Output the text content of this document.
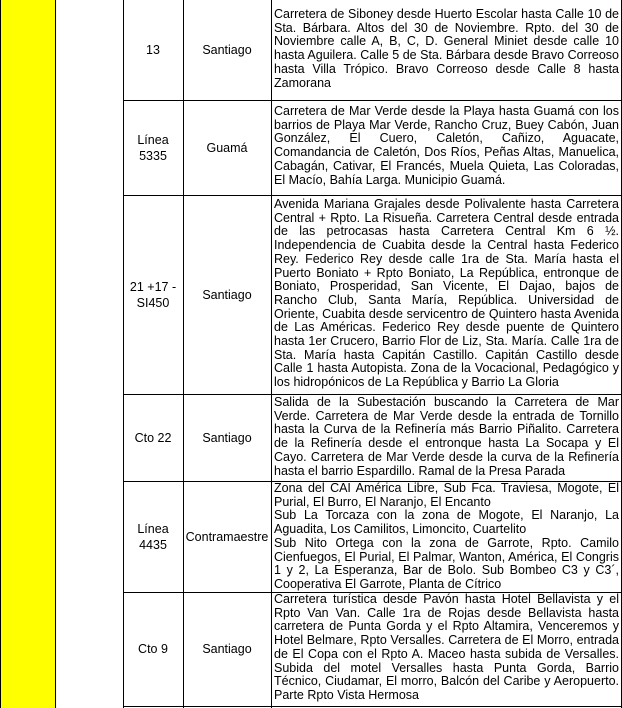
13	Santiago
Carretera de Siboney desde Huerto Escolar hasta Calle 10 de Sta. Bárbara. Altos del 30 de Noviembre. Rpto. del 30 de Noviembre calle A, B, C, D. General Miniet desde calle 10 hasta Aguilera. Calle 5 de Sta. Bárbara desde Bravo Correoso hasta Villa Trópico. Bravo Correoso desde Calle 8 hasta Zamorana
Línea 5335
Guamá
Carretera de Mar Verde desde la Playa hasta Guamá con los barrios de Playa Mar Verde, Rancho Cruz, Buey Cabón, Juan González, El Cuero, Caletón, Cañizo, Aguacate, Comandancia de Caletón, Dos Ríos, Peñas Altas, Manuelica, Cabagán, Cativar, El Francés, Muela Quieta, Las Coloradas, El Macío, Bahía Larga. Municipio Guamá.
21 +17 - SI450
Santiago
Avenida Mariana Grajales desde Polivalente hasta Carretera Central + Rpto. La Risueña. Carretera Central desde entrada de las petrocasas hasta Carretera Central Km 6 ½. Independencia de Cuabita desde la Central hasta Federico Rey. Federico Rey desde calle 1ra de Sta. María hasta el Puerto Boniato + Rpto Boniato, La República, entronque de Boniato, Prosperidad, San Vicente, El Dajao, bajos de Rancho Club, Santa María, República. Universidad de Oriente, Cuabita desde servicentro de Quintero hasta Avenida de Las Américas. Federico Rey desde puente de Quintero hasta 1er Crucero, Barrio Flor de Liz, Sta. María. Calle 1ra de Sta. María hasta Capitán Castillo. Capitán Castillo desde Calle 1 hasta Autopista. Zona de la Vocacional, Pedagógico y los hidropónicos de La República y Barrio La Gloria
Cto 22 Santiago
Salida de la Subestación buscando la Carretera de Mar Verde. Carretera de Mar Verde desde la entrada de Tornillo hasta la Curva de la Refinería más Barrio Piñalito. Carretera de la Refinería desde el entronque hasta La Socapa y El Cayo. Carretera de Mar Verde desde la curva de la Refinería hasta el barrio Espardillo. Ramal de la Presa Parada
Línea 4435
Contramaestre
Zona del CAI América Libre, Sub Fca. Traviesa, Mogote, El Purial, El Burro, El Naranjo, El Encanto
Sub La Torcaza con la zona de Mogote, El Naranjo, La Aguadita, Los Camilitos, Limoncito, Cuartelito
Sub Nito Ortega con la zona de Garrote, Rpto. Camilo Cienfuegos, El Purial, El Palmar, Wanton, América, El Congris 1 y 2, La Esperanza, Bar de Bolo. Sub Bombeo C3 y C3´, Cooperativa El Garrote, Planta de Cítrico
Cto 9	Santiago
Carretera turística desde Pavón hasta Hotel Bellavista y el Rpto Van Van. Calle 1ra de Rojas desde Bellavista hasta carretera de Punta Gorda y el Rpto Altamira, Venceremos y Hotel Belmare, Rpto Versalles. Carretera de El Morro, entrada de El Copa con el Rpto A. Maceo hasta subida de Versalles. Subida del motel Versalles hasta Punta Gorda, Barrio Técnico, Ciudamar, El morro, Balcón del Caribe y Aeropuerto. Parte Rpto Vista Hermosa
